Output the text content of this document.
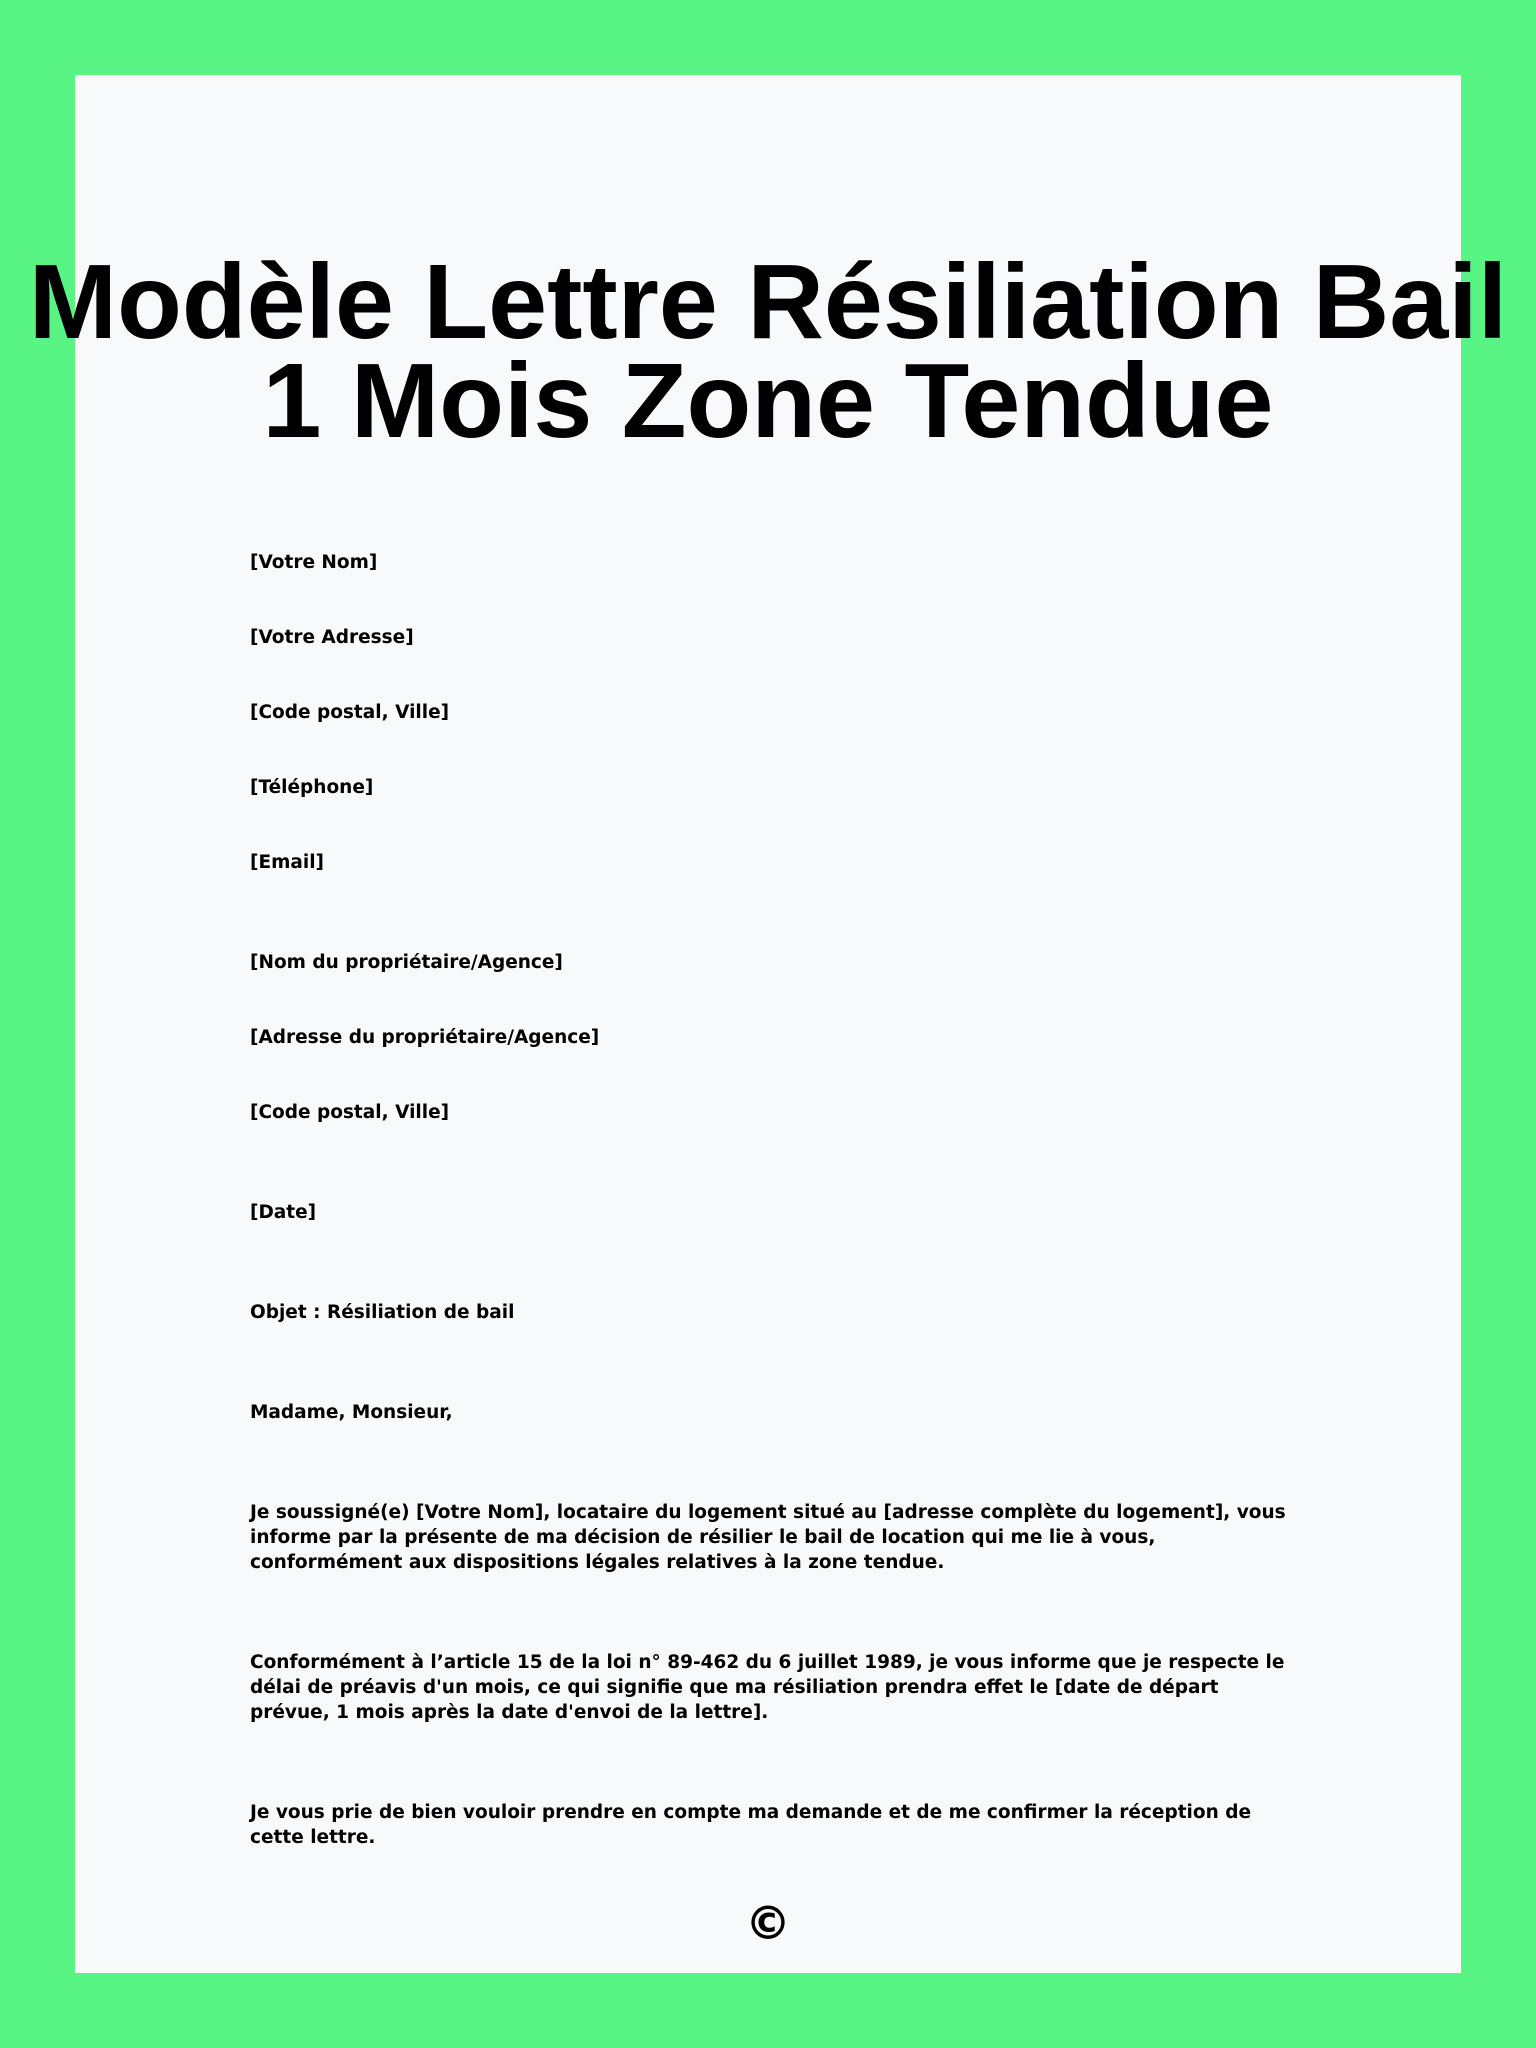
Modèle Lettre Résiliation Bail
1 Mois Zone Tendue

[Votre Nom]

[Votre Adresse]

[Code postal, Ville]

[Téléphone]

[Email]

[Nom du propriétaire/Agence]

[Adresse du propriétaire/Agence]

[Code postal, Ville]

[Date]

Objet : Résiliation de bail

Madame, Monsieur,

Je soussigné(e) [Votre Nom], locataire du logement situé au [adresse complète du logement], vous informe par la présente de ma décision de résilier le bail de location qui me lie à vous, conformément aux dispositions légales relatives à la zone tendue.

Conformément à l’article 15 de la loi n° 89-462 du 6 juillet 1989, je vous informe que je respecte le délai de préavis d'un mois, ce qui signifie que ma résiliation prendra effet le [date de départ prévue, 1 mois après la date d'envoi de la lettre].

Je vous prie de bien vouloir prendre en compte ma demande et de me confirmer la réception de cette lettre.

©
